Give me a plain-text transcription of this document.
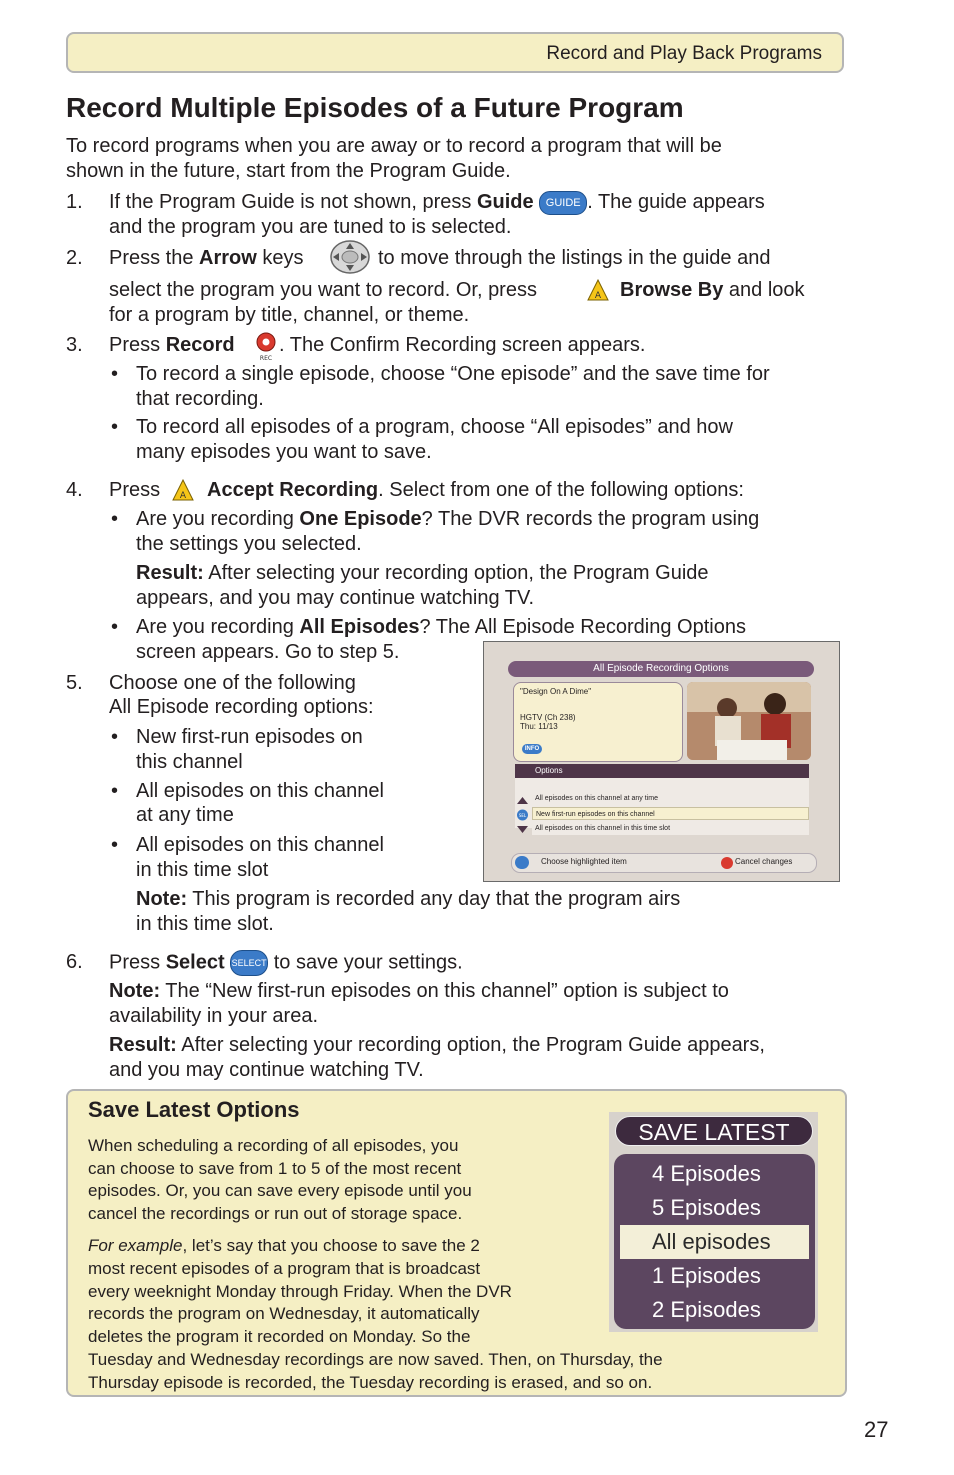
Record and Play Back Programs
Record Multiple Episodes of a Future Program
To record programs when you are away or to record a program that will be
shown in the future, start from the Program Guide.
1. If the Program Guide is not shown, press Guide GUIDE . The guide appears
and the program you are tuned to is selected.
2. Press the Arrow keys	to move through the listings in the guide and
select the program you want to record. Or, press	A Browse By and look
for a program by title, channel, or theme.
3. Press Record
REC
. The Confirm Recording screen appears.
• To record a single episode, choose “One episode” and the save time for
that recording.
• To record all episodes of a program, choose “All episodes” and how
many episodes you want to save.
4. Press A Accept Recording. Select from one of the following options:
• Are you recording One Episode? The DVR records the program using
the settings you selected.
Result: After selecting your recording option, the Program Guide
appears, and you may continue watching TV.
• Are you recording All Episodes? The All Episode Recording Options
screen appears. Go to step 5.
5. Choose one of the following
All Episode recording options:
• New first-run episodes on
this channel
• All episodes on this channel
at any time
• All episodes on this channel
in this time slot
Note: This program is recorded any day that the program airs
in this time slot.
All Episode Recording Options
"Design On A Dime"
HGTV (Ch 238)
Thu: 11/13
INFO
Options
All episodes on this channel at any time
New first-run episodes on this channel
All episodes on this channel in this time slot
SEL
Choose highlighted item	Cancel changes
6. Press Select SELECT to save your settings.
Note: The “New first-run episodes on this channel” option is subject to
availability in your area.
Result: After selecting your recording option, the Program Guide appears,
and you may continue watching TV.
Save Latest Options
When scheduling a recording of all episodes, you
can choose to save from 1 to 5 of the most recent
episodes. Or, you can save every episode until you
cancel the recordings or run out of storage space.
For example, let’s say that you choose to save the 2
most recent episodes of a program that is broadcast
every weeknight Monday through Friday. When the DVR
records the program on Wednesday, it automatically
deletes the program it recorded on Monday. So the
Tuesday and Wednesday recordings are now saved. Then, on Thursday, the
Thursday episode is recorded, the Tuesday recording is erased, and so on.
SAVE LATEST
4 Episodes
5 Episodes
All episodes
1 Episodes
2 Episodes
27
